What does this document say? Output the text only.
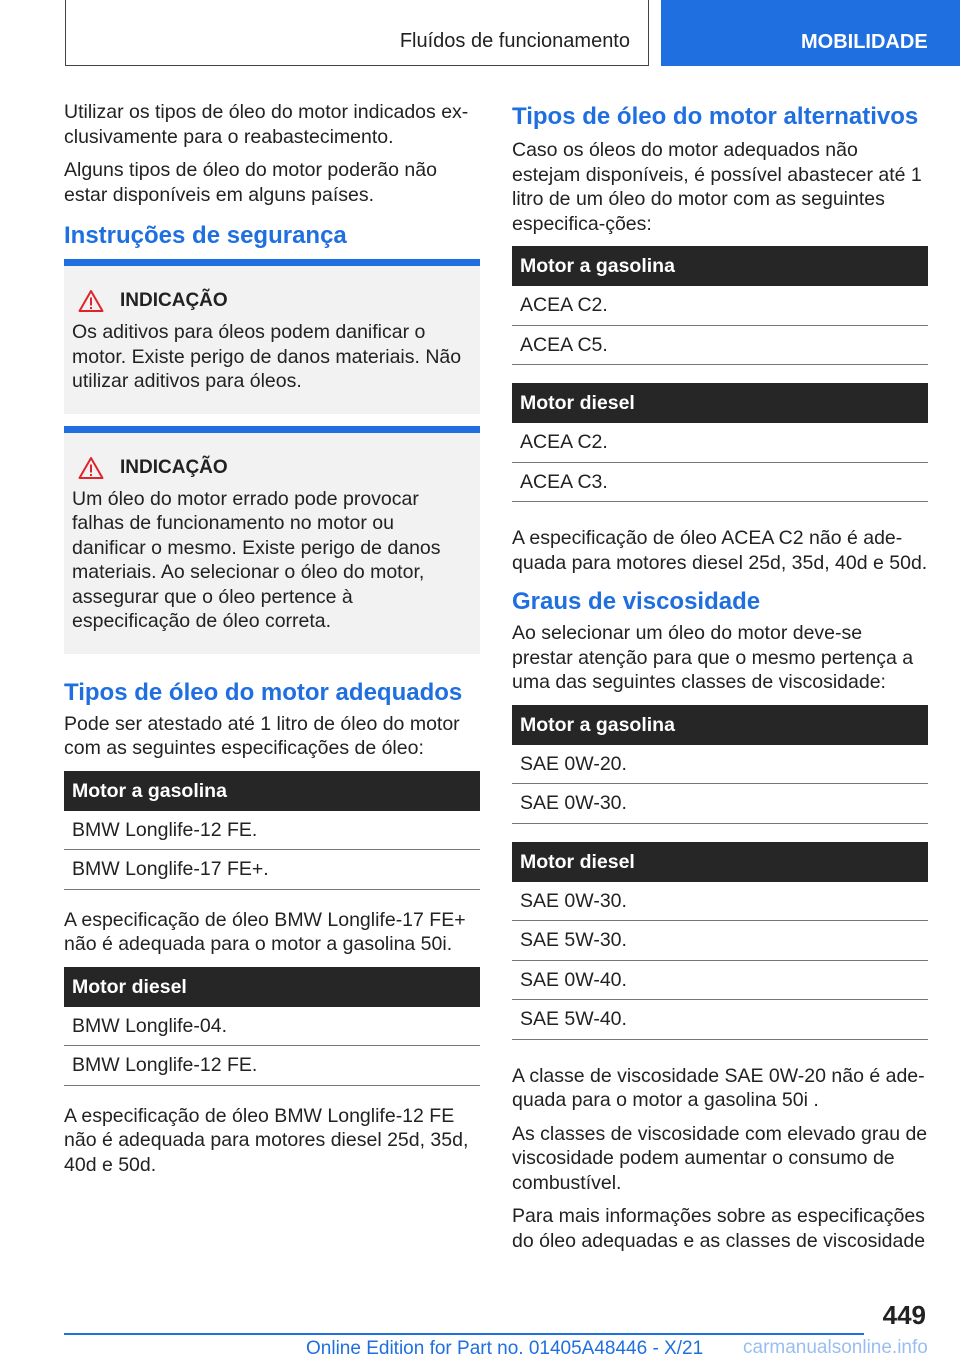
Fluídos de funcionamento	MOBILIDADE

Utilizar os tipos de óleo do motor indicados ex-clusivamente para o reabastecimento.

Alguns tipos de óleo do motor poderão não estar disponíveis em alguns países.

Instruções de segurança
INDICAÇÃO
Os aditivos para óleos podem danificar o motor. Existe perigo de danos materiais. Não utilizar aditivos para óleos.
INDICAÇÃO
Um óleo do motor errado pode provocar falhas de funcionamento no motor ou danificar o mesmo. Existe perigo de danos materiais. Ao selecionar o óleo do motor, assegurar que o óleo pertence à especificação de óleo correta.
Tipos de óleo do motor adequados

Pode ser atestado até 1 litro de óleo do motor com as seguintes especificações de óleo:

Motor a gasolina
BMW Longlife-12 FE.
BMW Longlife-17 FE+.

A especificação de óleo BMW Longlife-17 FE+ não é adequada para o motor a gasolina 50i.

Motor diesel
BMW Longlife-04.
BMW Longlife-12 FE.

A especificação de óleo BMW Longlife-12 FE não é adequada para motores diesel 25d, 35d, 40d e 50d.

Tipos de óleo do motor alternativos

Caso os óleos do motor adequados não estejam disponíveis, é possível abastecer até 1 litro de um óleo do motor com as seguintes especifica-ções:

Motor a gasolina
ACEA C2.
ACEA C5.
Motor diesel
ACEA C2.
ACEA C3.

A especificação de óleo ACEA C2 não é ade-quada para motores diesel 25d, 35d, 40d e 50d.

Graus de viscosidade

Ao selecionar um óleo do motor deve-se prestar atenção para que o mesmo pertença a uma das seguintes classes de viscosidade:

Motor a gasolina
SAE 0W-20.
SAE 0W-30.
Motor diesel
SAE 0W-30.
SAE 5W-30.
SAE 0W-40.
SAE 5W-40.

A classe de viscosidade SAE 0W-20 não é ade-quada para o motor a gasolina 50i .

As classes de viscosidade com elevado grau de viscosidade podem aumentar o consumo de combustível.

Para mais informações sobre as especificações do óleo adequadas e as classes de viscosidade

449
Online Edition for Part no. 01405A48446 - X/21	carmanualsonline.info
